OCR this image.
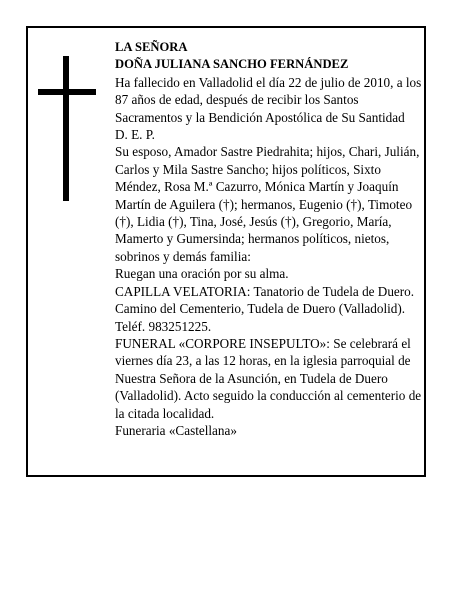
LA SEÑORA

DOÑA JULIANA SANCHO FERNÁNDEZ

Ha fallecido en Valladolid el día 22 de julio de 2010, a los 87 años de edad, después de recibir los Santos Sacramentos y la Bendición Apostólica de Su Santidad

D. E. P.

Su esposo, Amador Sastre Piedrahita; hijos, Chari, Julián, Carlos y Mila Sastre Sancho; hijos políticos, Sixto Méndez, Rosa M.ª Cazurro, Mónica Martín y Joaquín Martín de Aguilera (†); hermanos, Eugenio (†), Timoteo (†), Lidia (†), Tina, José, Jesús (†), Gregorio, María, Mamerto y Gumersinda; hermanos políticos, nietos, sobrinos y demás familia:

Ruegan una oración por su alma.

CAPILLA VELATORIA: Tanatorio de Tudela de Duero. Camino del Cementerio, Tudela de Duero (Valladolid). Teléf. 983251225.

FUNERAL «CORPORE INSEPULTO»: Se celebrará el viernes día 23, a las 12 horas, en la iglesia parroquial de Nuestra Señora de la Asunción, en Tudela de Duero (Valladolid). Acto seguido la conducción al cementerio de la citada localidad.

Funeraria «Castellana»
